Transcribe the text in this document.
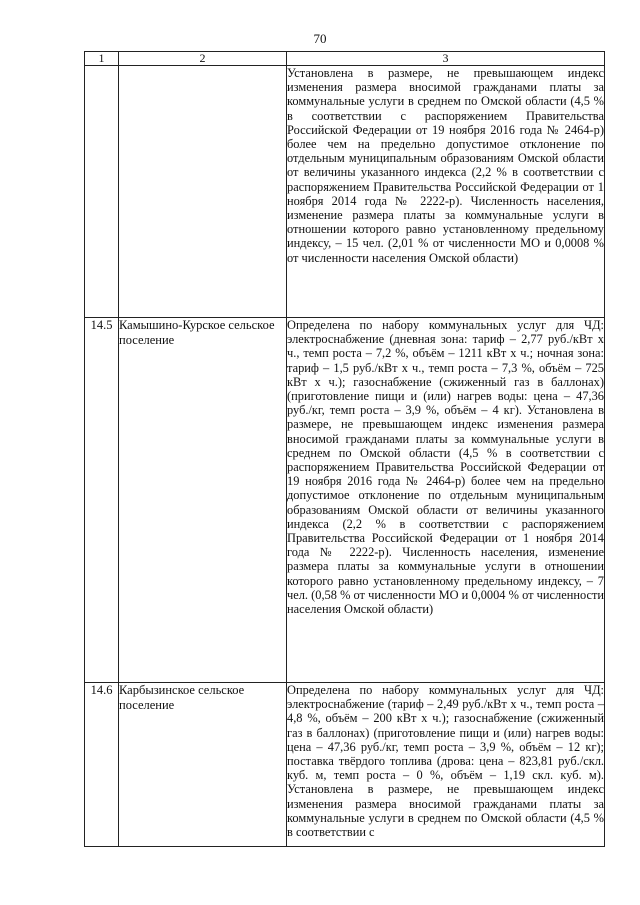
70
1	2	3
		Установлена в размере, не превышающем индекс изменения размера вносимой гражданами платы за коммунальные услуги в среднем по Омской области (4,5 % в соответствии с распоряжением Правительства Российской Федерации от 19 ноября 2016 года № 2464-р) более чем на предельно допустимое отклонение по отдельным муниципальным образованиям Омской области от величины указанного индекса (2,2 % в соответствии с распоряжением Правительства Российской Федерации от 1 ноября 2014 года № 2222-р). Численность населения, изменение размера платы за коммунальные услуги в отношении которого равно установленному предельному индексу, – 15 чел. (2,01 % от численности МО и 0,0008 % от численности населения Омской области)
14.5	Камышино-Курское сельское поселение	Определена по набору коммунальных услуг для ЧД: электроснабжение (дневная зона: тариф – 2,77 руб./кВт х ч., темп роста – 7,2 %, объём – 1211 кВт х ч.; ночная зона: тариф – 1,5 руб./кВт х ч., темп роста – 7,3 %, объём – 725 кВт х ч.); газоснабжение (сжиженный газ в баллонах) (приготовление пищи и (или) нагрев воды: цена – 47,36 руб./кг, темп роста – 3,9 %, объём – 4 кг). Установлена в размере, не превышающем индекс изменения размера вносимой гражданами платы за коммунальные услуги в среднем по Омской области (4,5 % в соответствии с распоряжением Правительства Российской Федерации от 19 ноября 2016 года № 2464-р) более чем на предельно допустимое отклонение по отдельным муниципальным образованиям Омской области от величины указанного индекса (2,2 % в соответствии с распоряжением Правительства Российской Федерации от 1 ноября 2014 года № 2222-р). Численность населения, изменение размера платы за коммунальные услуги в отношении которого равно установленному предельному индексу, – 7 чел. (0,58 % от численности МО и 0,0004 % от численности населения Омской области)
14.6	Карбызинское сельское поселение	Определена по набору коммунальных услуг для ЧД: электроснабжение (тариф – 2,49 руб./кВт х ч., темп роста – 4,8 %, объём – 200 кВт х ч.); газоснабжение (сжиженный газ в баллонах) (приготовление пищи и (или) нагрев воды: цена – 47,36 руб./кг, темп роста – 3,9 %, объём – 12 кг); поставка твёрдого топлива (дрова: цена – 823,81 руб./скл. куб. м, темп роста – 0 %, объём – 1,19 скл. куб. м). Установлена в размере, не превышающем индекс изменения размера вносимой гражданами платы за коммунальные услуги в среднем по Омской области (4,5 % в соответствии с
